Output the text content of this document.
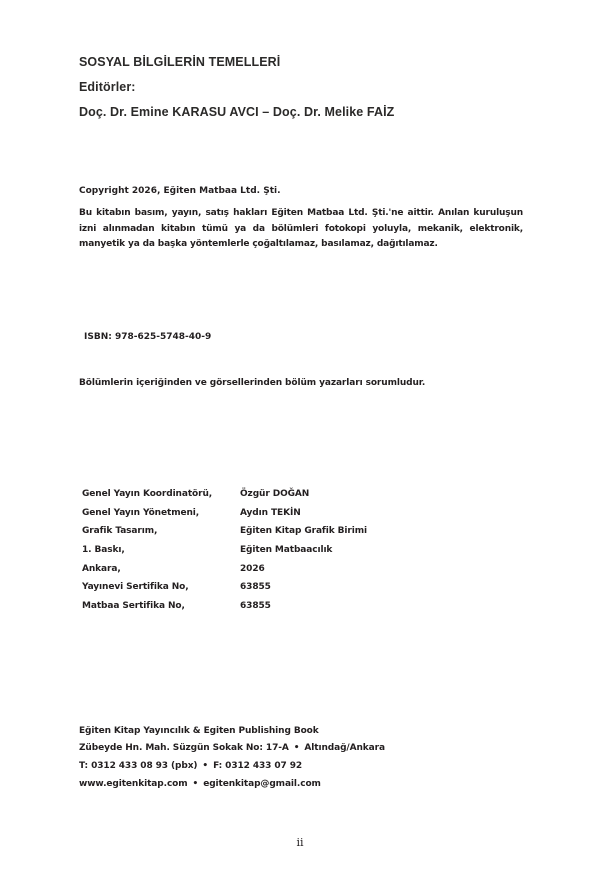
SOSYAL BİLGİLERİN TEMELLERİ
Editörler:
Doç. Dr. Emine KARASU AVCI – Doç. Dr. Melike FAİZ
Copyright 2026, Eğiten Matbaa Ltd. Şti.
Bu kitabın basım, yayın, satış hakları Eğiten Matbaa Ltd. Şti.'ne aittir. Anılan kuruluşun izni alınmadan kitabın tümü ya da bölümleri fotokopi yoluyla, mekanik, elektronik, manyetik ya da başka yöntemlerle çoğaltılamaz, basılamaz, dağıtılamaz.
ISBN: 978-625-5748-40-9
Bölümlerin içeriğinden ve görsellerinden bölüm yazarları sorumludur.
Genel Yayın Koordinatörü,	Özgür DOĞAN
Genel Yayın Yönetmeni,	Aydın TEKİN
Grafik Tasarım,	Eğiten Kitap Grafik Birimi
1. Baskı,	Eğiten Matbaacılık
Ankara,	2026
Yayınevi Sertifika No,	63855
Matbaa Sertifika No,	63855
Eğiten Kitap Yayıncılık & Egiten Publishing Book
Zübeyde Hn. Mah. Süzgün Sokak No: 17-A • Altındağ/Ankara
T: 0312 433 08 93 (pbx) • F: 0312 433 07 92
www.egitenkitap.com • egitenkitap@gmail.com
ii
